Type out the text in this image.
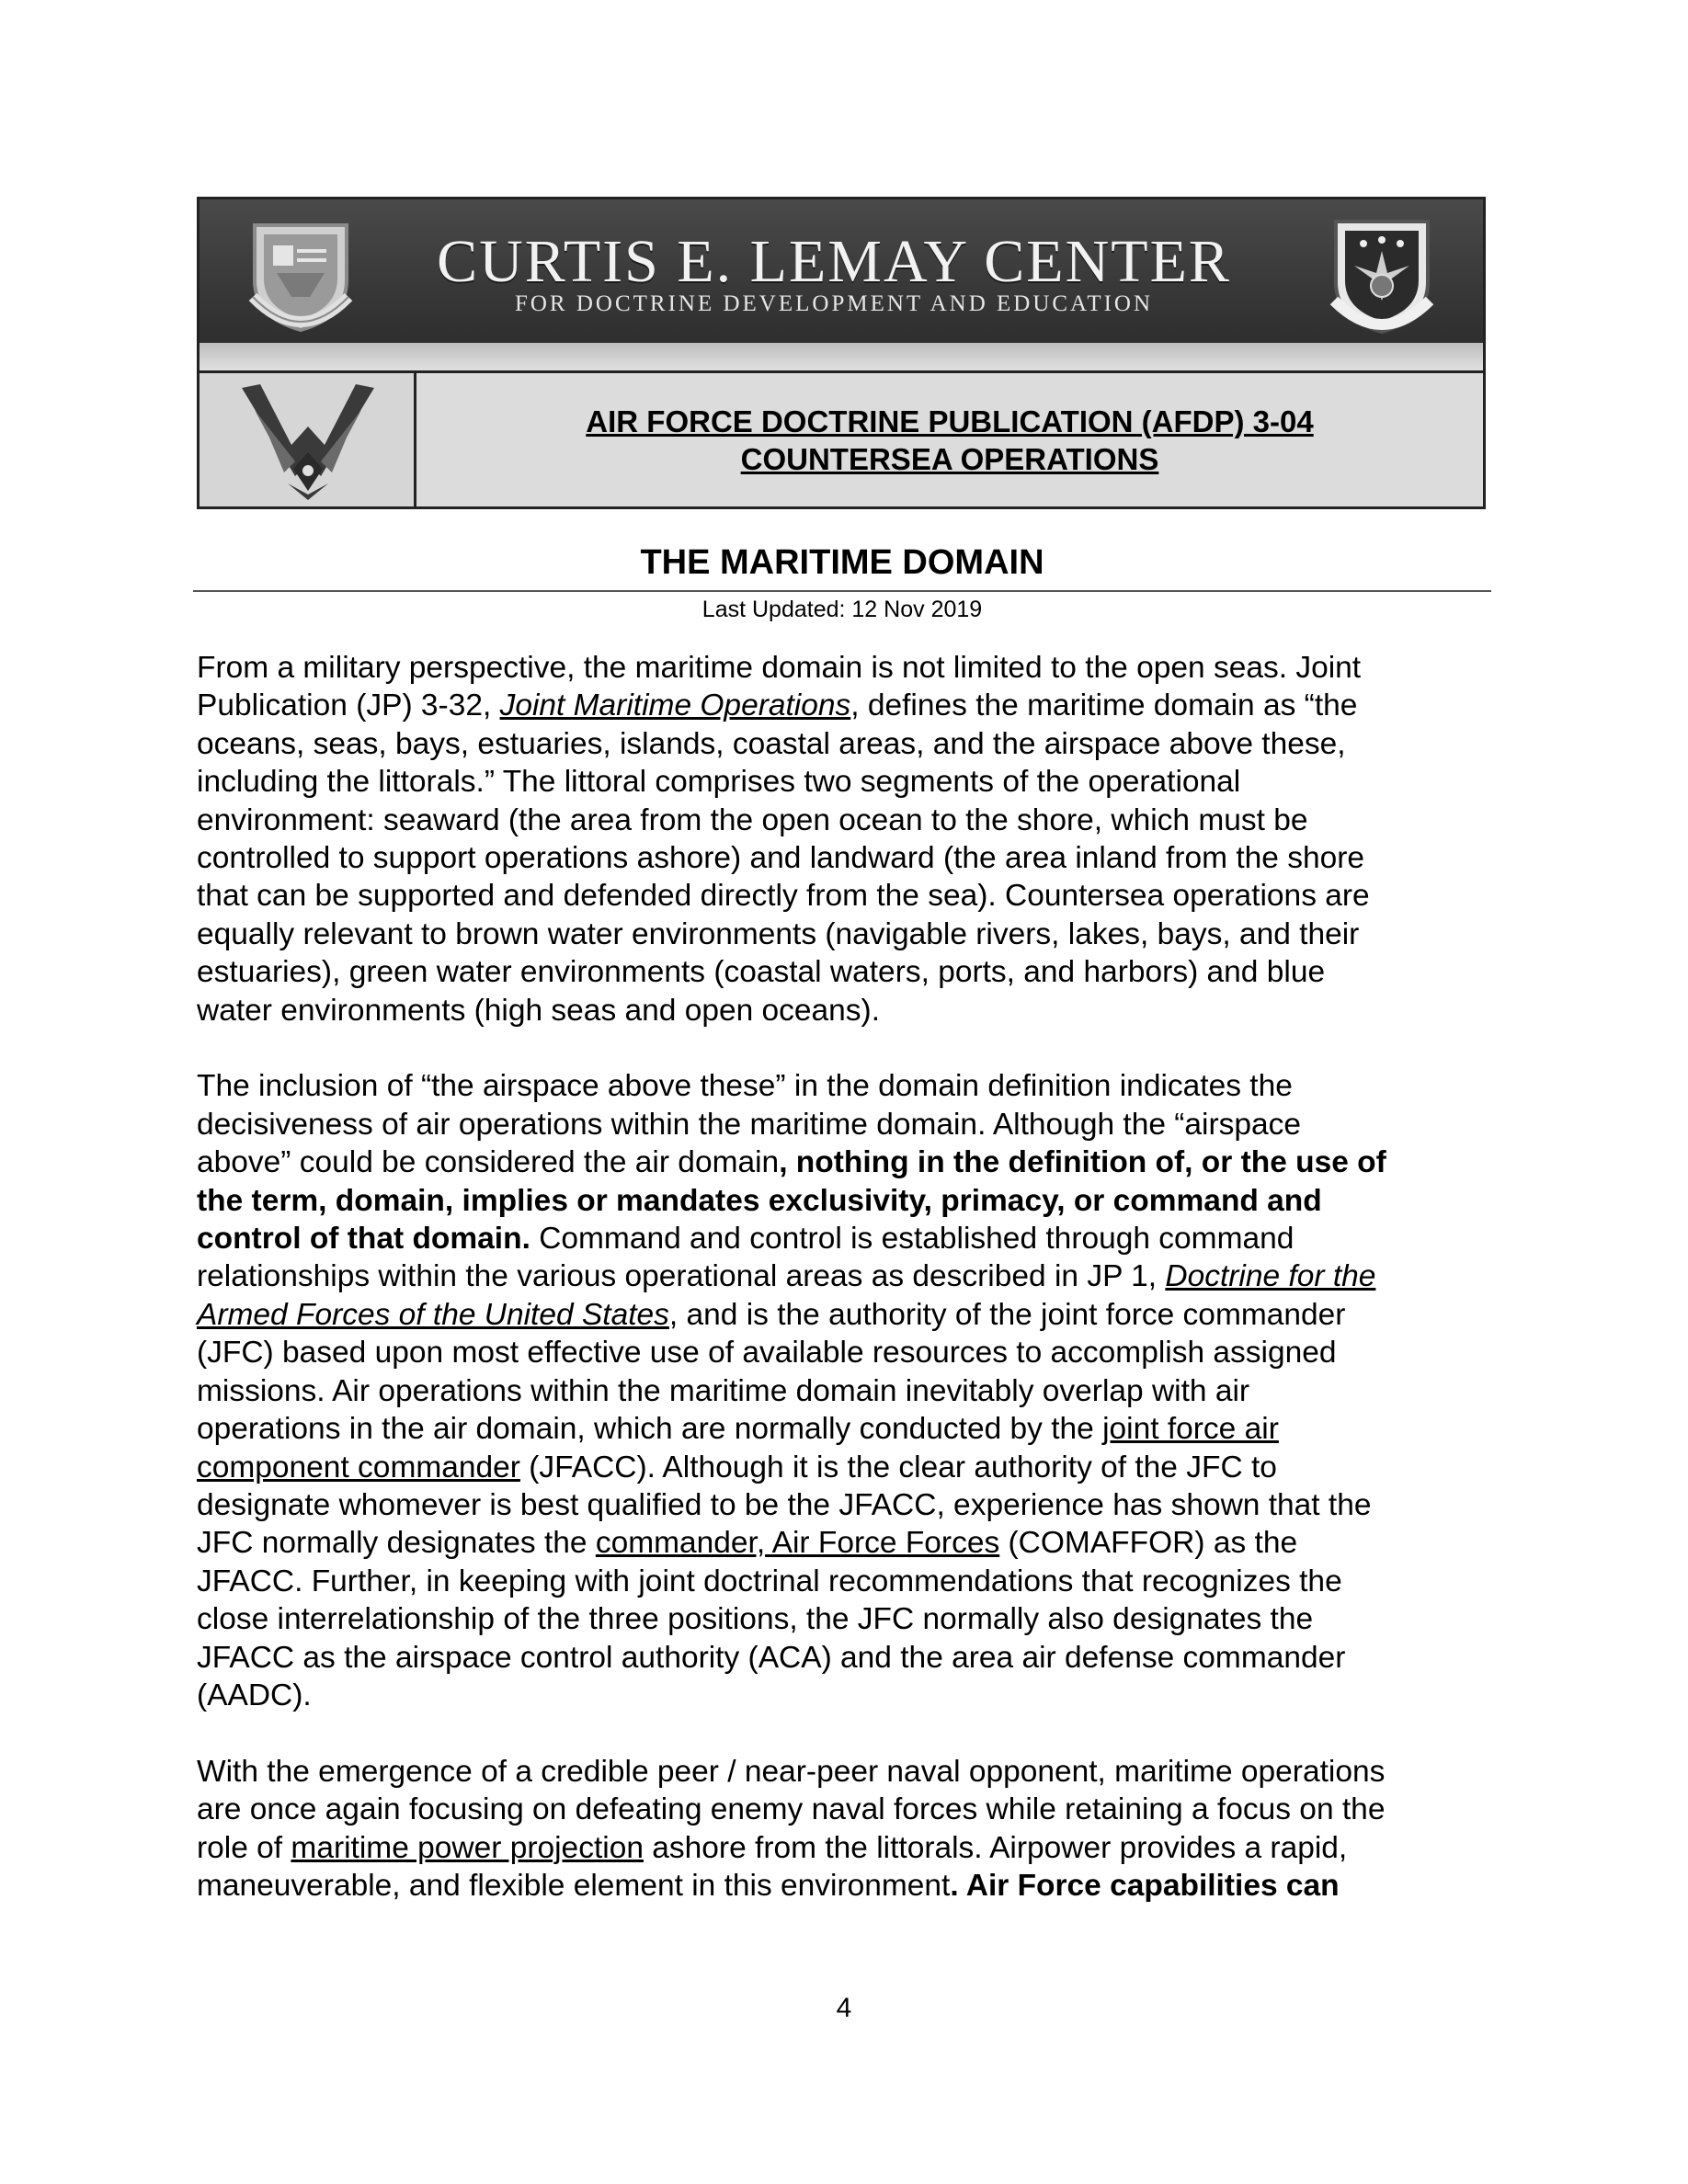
CURTIS E. LEMAY CENTER
FOR DOCTRINE DEVELOPMENT AND EDUCATION
AIR FORCE DOCTRINE PUBLICATION (AFDP) 3-04
COUNTERSEA OPERATIONS
THE MARITIME DOMAIN
Last Updated: 12 Nov 2019

From a military perspective, the maritime domain is not limited to the open seas. Joint
Publication (JP) 3-32, Joint Maritime Operations, defines the maritime domain as “the
oceans, seas, bays, estuaries, islands, coastal areas, and the airspace above these,
including the littorals.” The littoral comprises two segments of the operational
environment: seaward (the area from the open ocean to the shore, which must be
controlled to support operations ashore) and landward (the area inland from the shore
that can be supported and defended directly from the sea). Countersea operations are
equally relevant to brown water environments (navigable rivers, lakes, bays, and their
estuaries), green water environments (coastal waters, ports, and harbors) and blue
water environments (high seas and open oceans).

The inclusion of “the airspace above these” in the domain definition indicates the
decisiveness of air operations within the maritime domain. Although the “airspace
above” could be considered the air domain, nothing in the definition of, or the use of
the term, domain, implies or mandates exclusivity, primacy, or command and
control of that domain. Command and control is established through command
relationships within the various operational areas as described in JP 1, Doctrine for the
Armed Forces of the United States, and is the authority of the joint force commander
(JFC) based upon most effective use of available resources to accomplish assigned
missions. Air operations within the maritime domain inevitably overlap with air
operations in the air domain, which are normally conducted by the joint force air
component commander (JFACC). Although it is the clear authority of the JFC to
designate whomever is best qualified to be the JFACC, experience has shown that the
JFC normally designates the commander, Air Force Forces (COMAFFOR) as the
JFACC. Further, in keeping with joint doctrinal recommendations that recognizes the
close interrelationship of the three positions, the JFC normally also designates the
JFACC as the airspace control authority (ACA) and the area air defense commander
(AADC).

With the emergence of a credible peer / near-peer naval opponent, maritime operations
are once again focusing on defeating enemy naval forces while retaining a focus on the
role of maritime power projection ashore from the littorals. Airpower provides a rapid,
maneuverable, and flexible element in this environment. Air Force capabilities can

4
